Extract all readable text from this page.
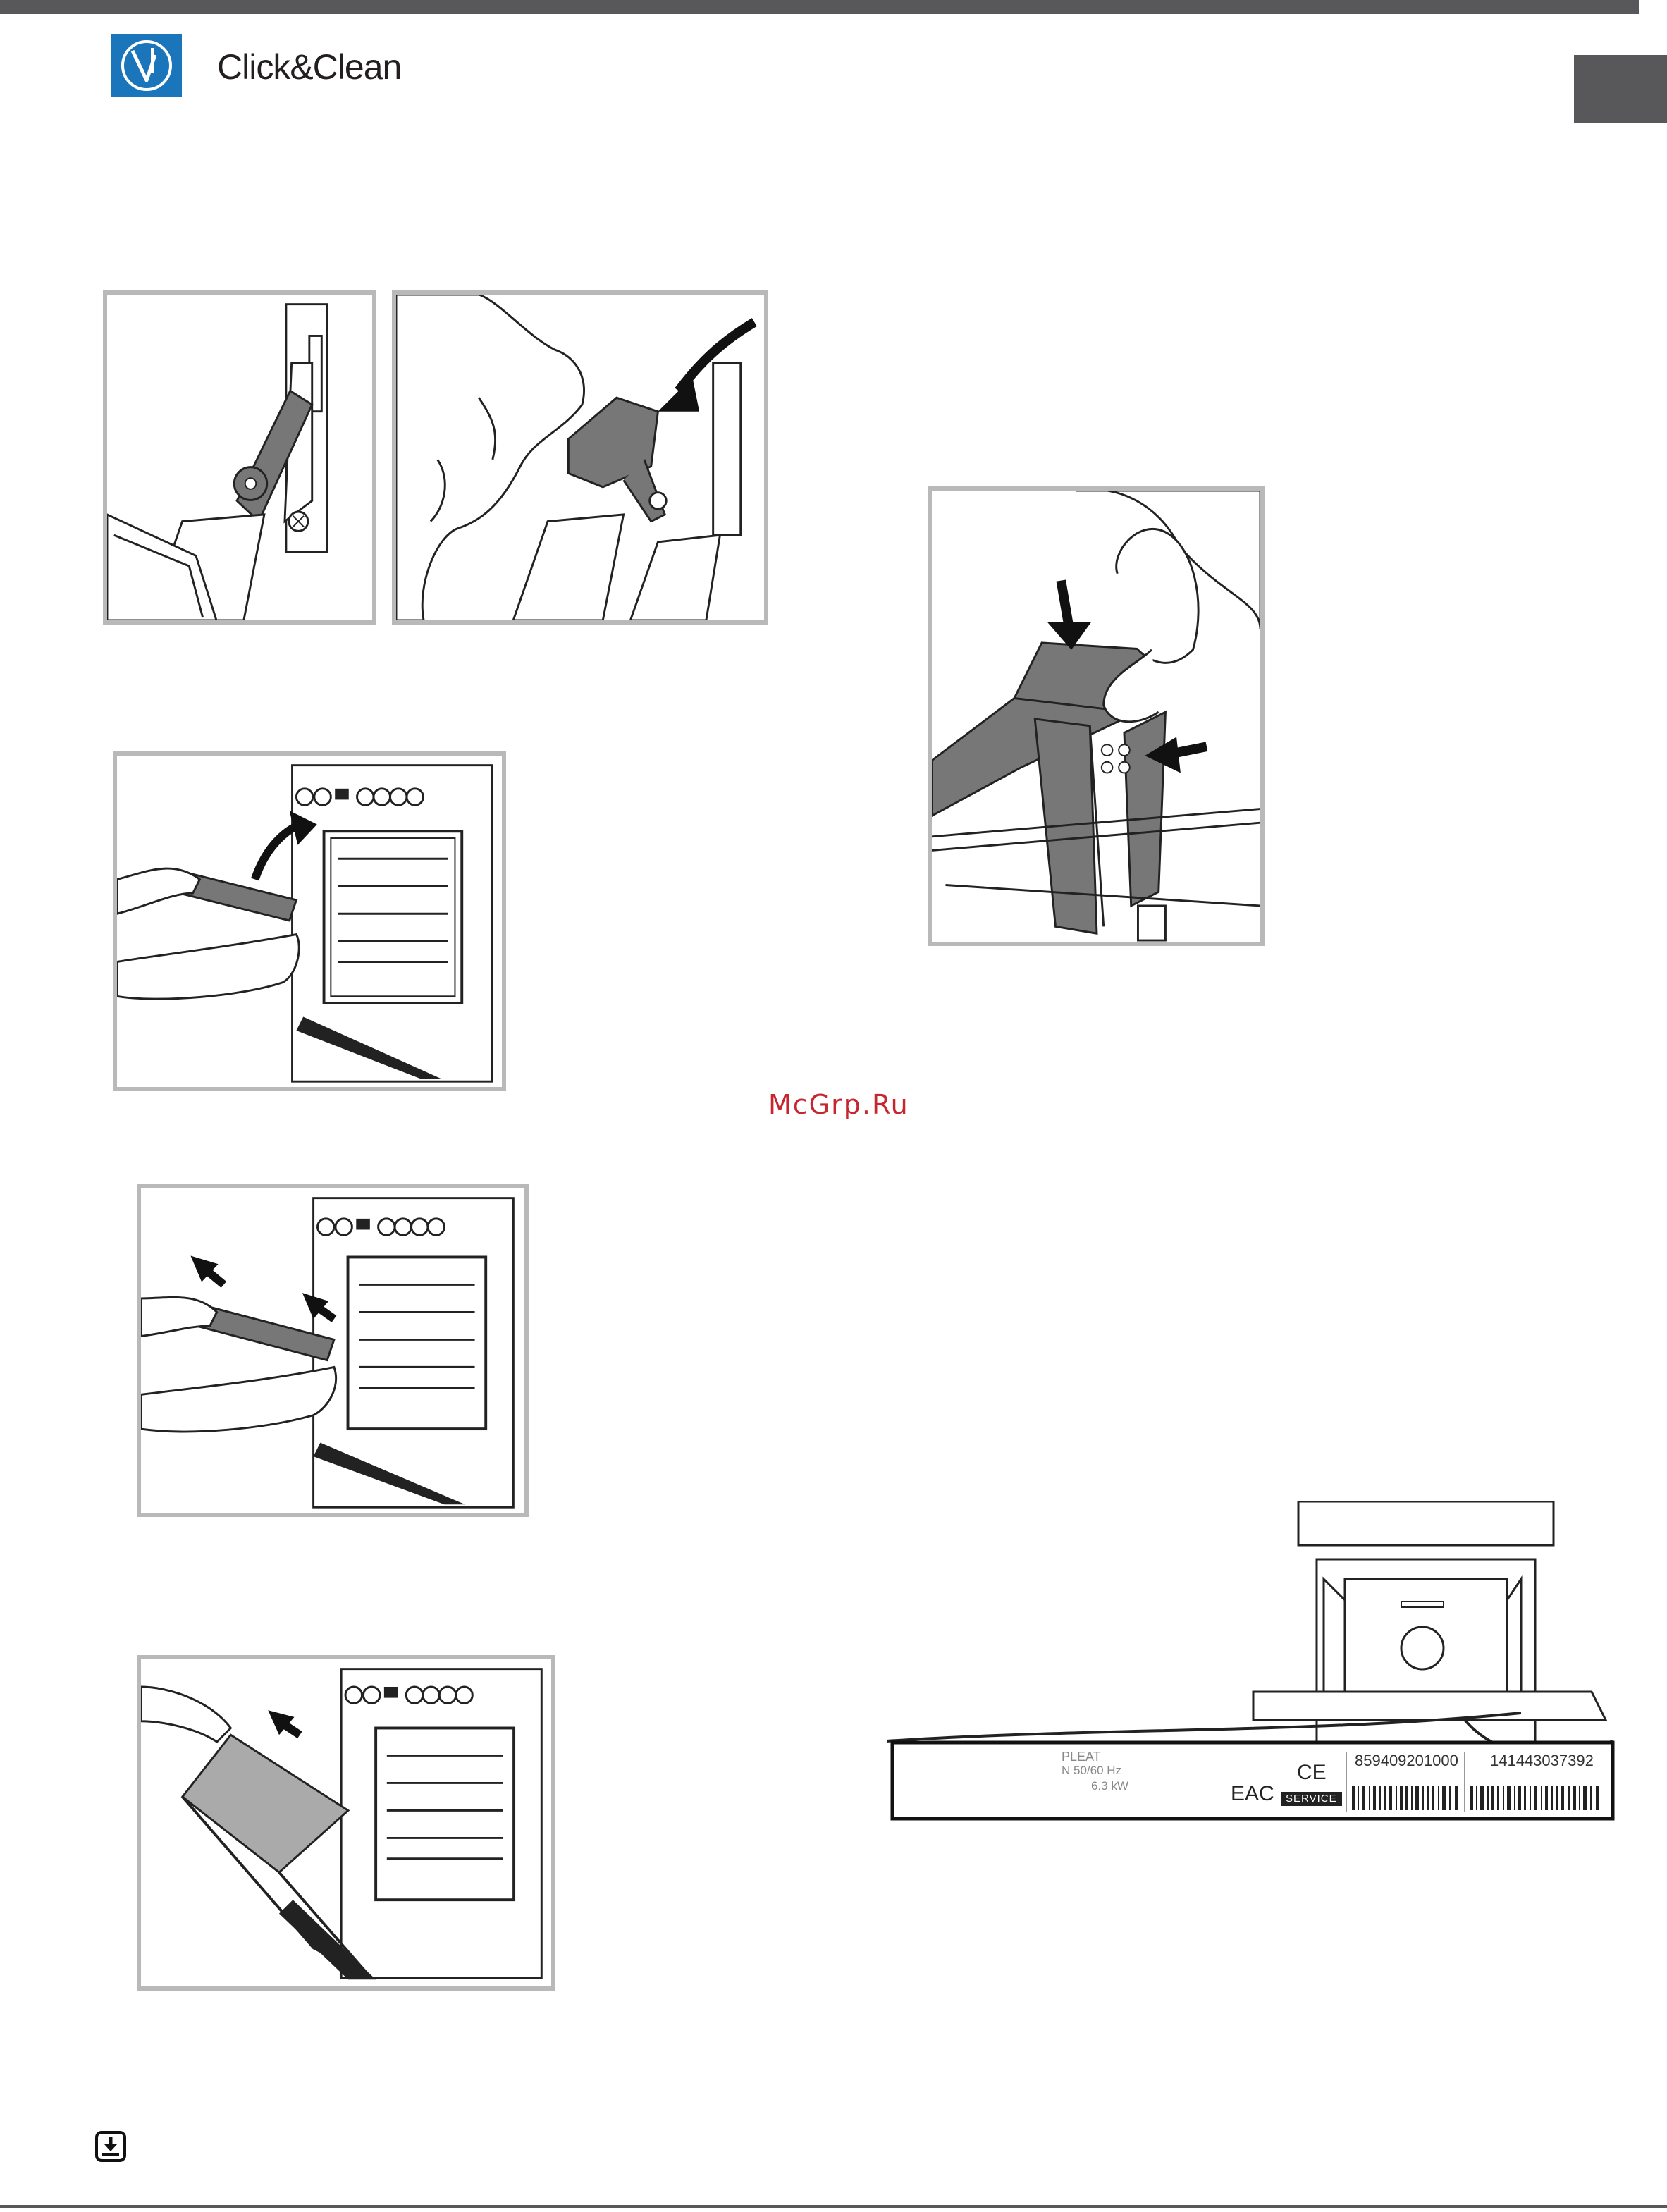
Click&Clean
McGrp.Ru
PLEAT
N 50/60 Hz
6.3 kW
CE
EAC SERVICE
859409201000 141443037392
